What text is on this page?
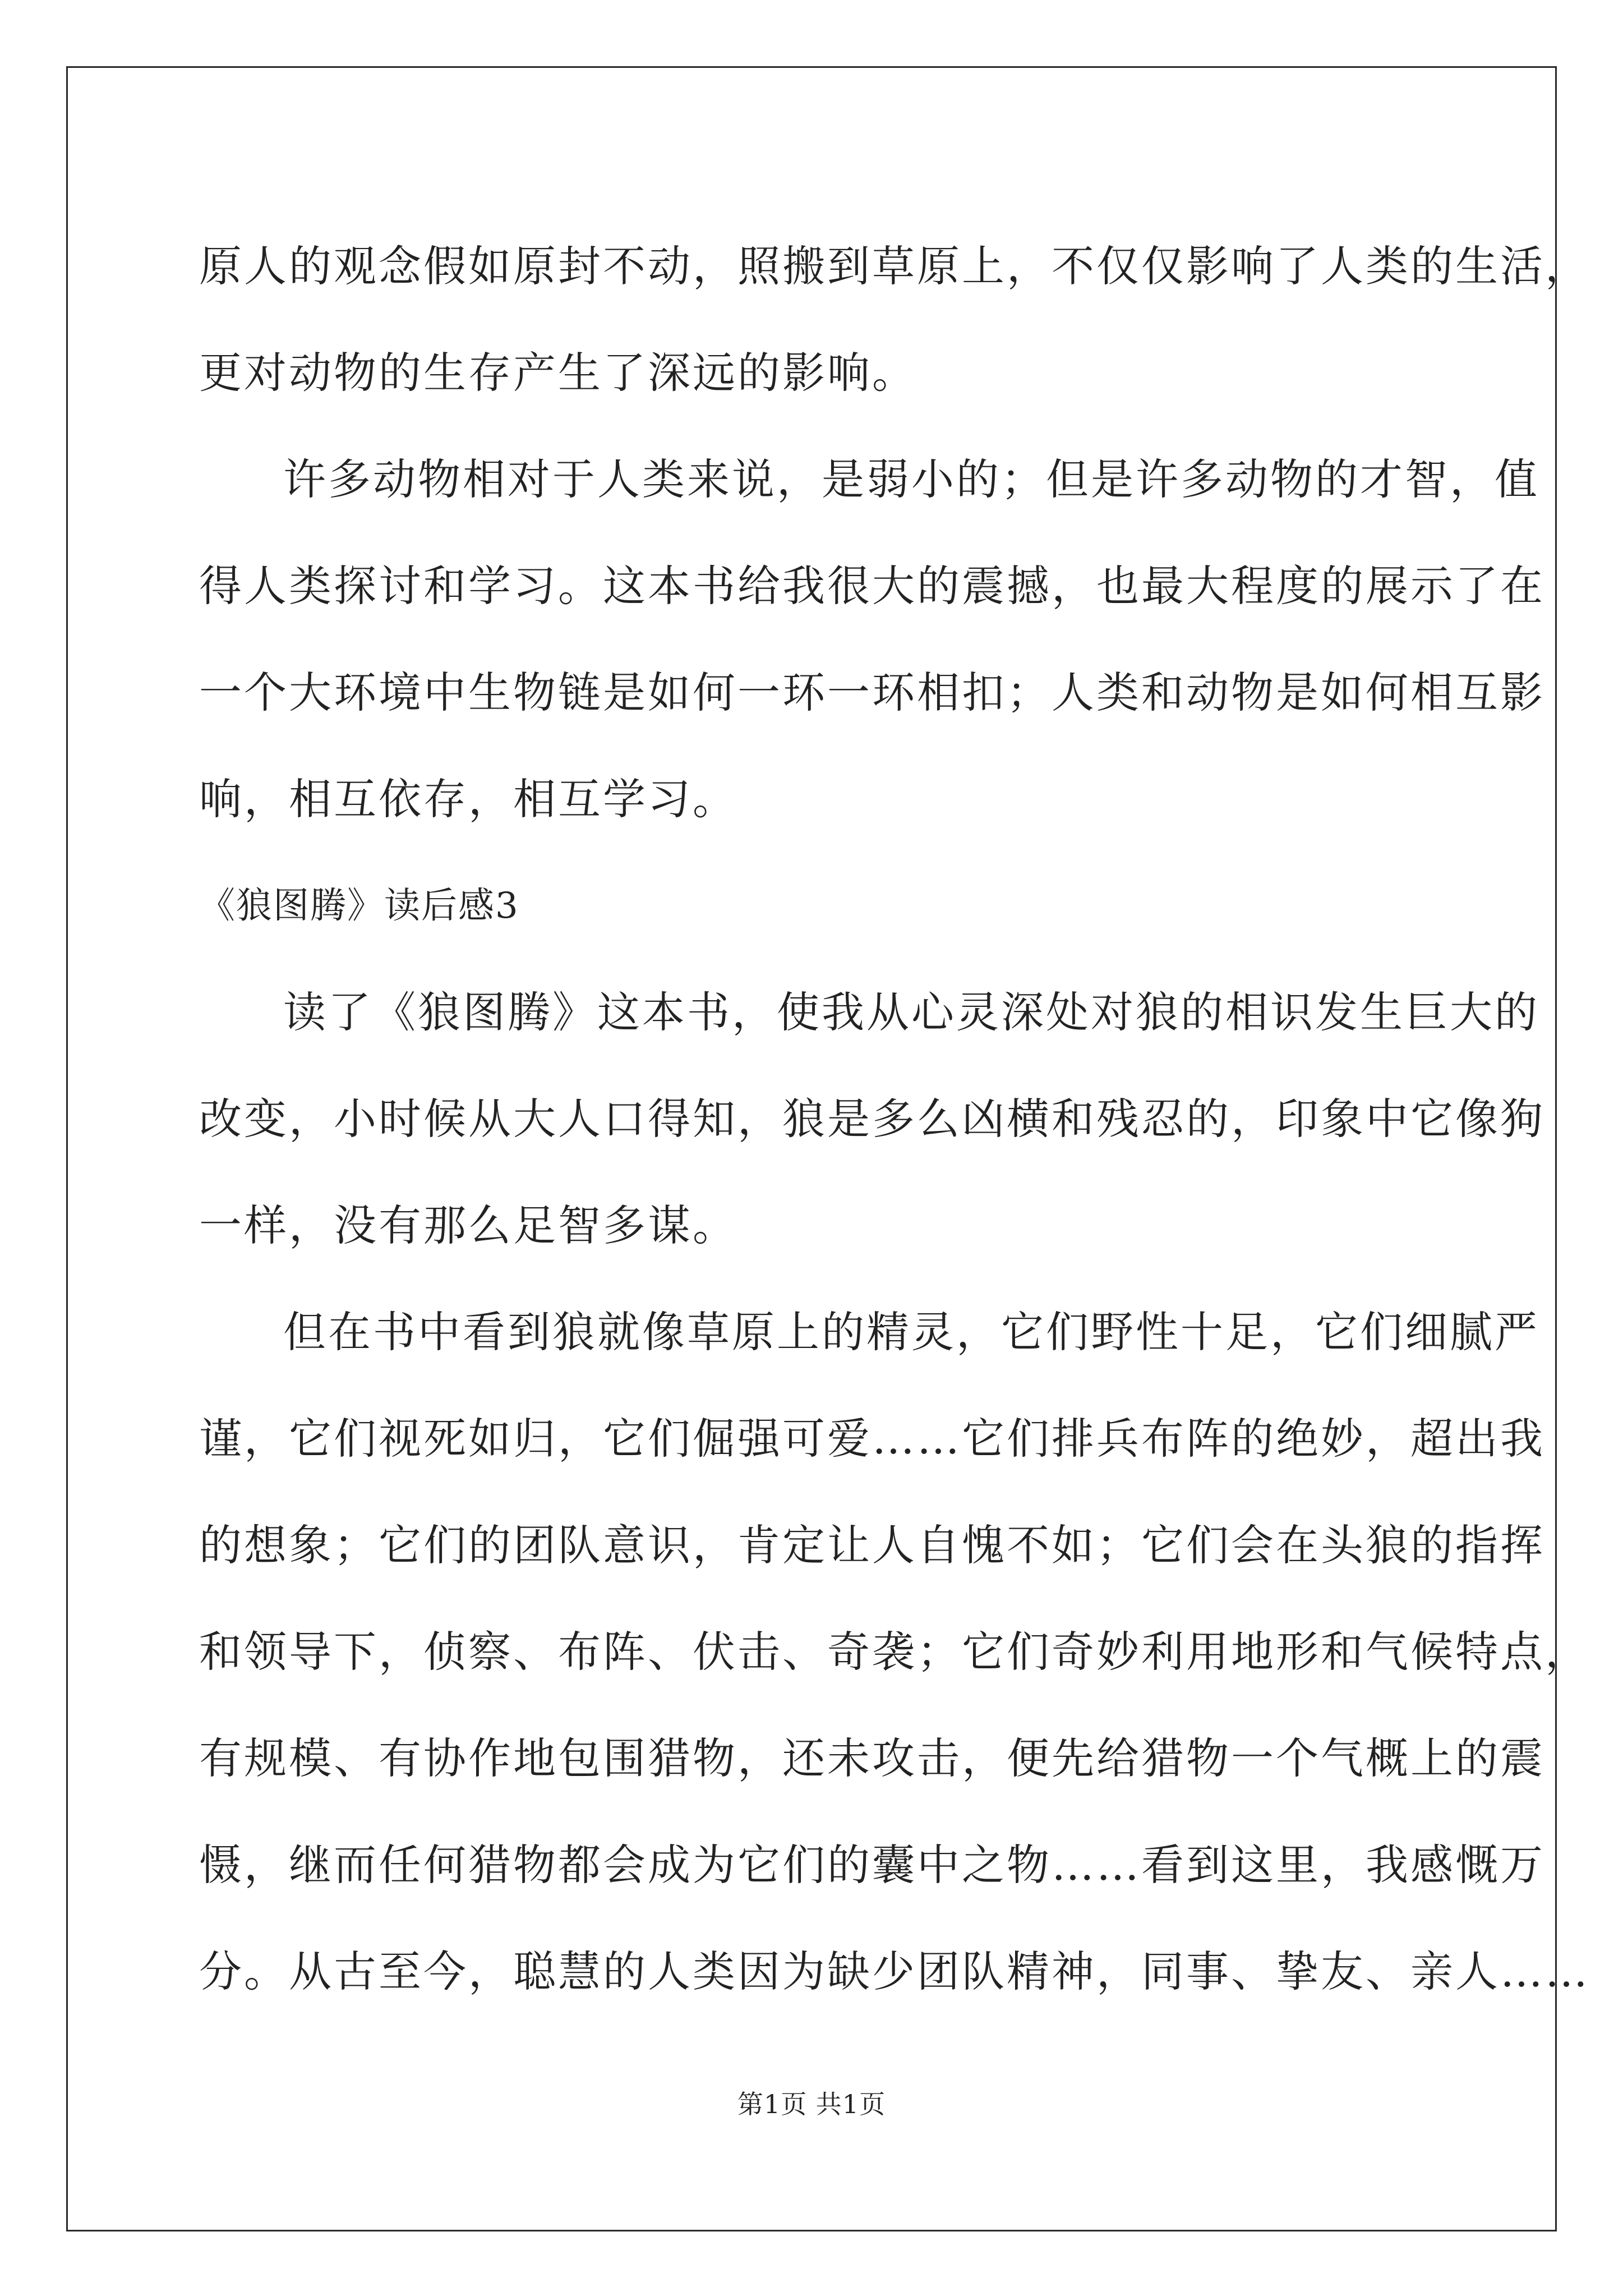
原人的观念假如原封不动，照搬到草原上，不仅仅影响了人类的生活，
更对动物的生存产生了深远的影响。
许多动物相对于人类来说，是弱小的；但是许多动物的才智，值
得人类探讨和学习。这本书给我很大的震撼，也最大程度的展示了在
一个大环境中生物链是如何一环一环相扣；人类和动物是如何相互影
响，相互依存，相互学习。
《狼图腾》读后感3
读了《狼图腾》这本书，使我从心灵深处对狼的相识发生巨大的
改变，小时候从大人口得知，狼是多么凶横和残忍的，印象中它像狗
一样，没有那么足智多谋。
但在书中看到狼就像草原上的精灵，它们野性十足，它们细腻严
谨，它们视死如归，它们倔强可爱……它们排兵布阵的绝妙，超出我
的想象；它们的团队意识，肯定让人自愧不如；它们会在头狼的指挥
和领导下，侦察、布阵、伏击、奇袭；它们奇妙利用地形和气候特点，
有规模、有协作地包围猎物，还未攻击，便先给猎物一个气概上的震
慑，继而任何猎物都会成为它们的囊中之物……看到这里，我感慨万
分。从古至今，聪慧的人类因为缺少团队精神，同事、挚友、亲人……
第1页 共1页
